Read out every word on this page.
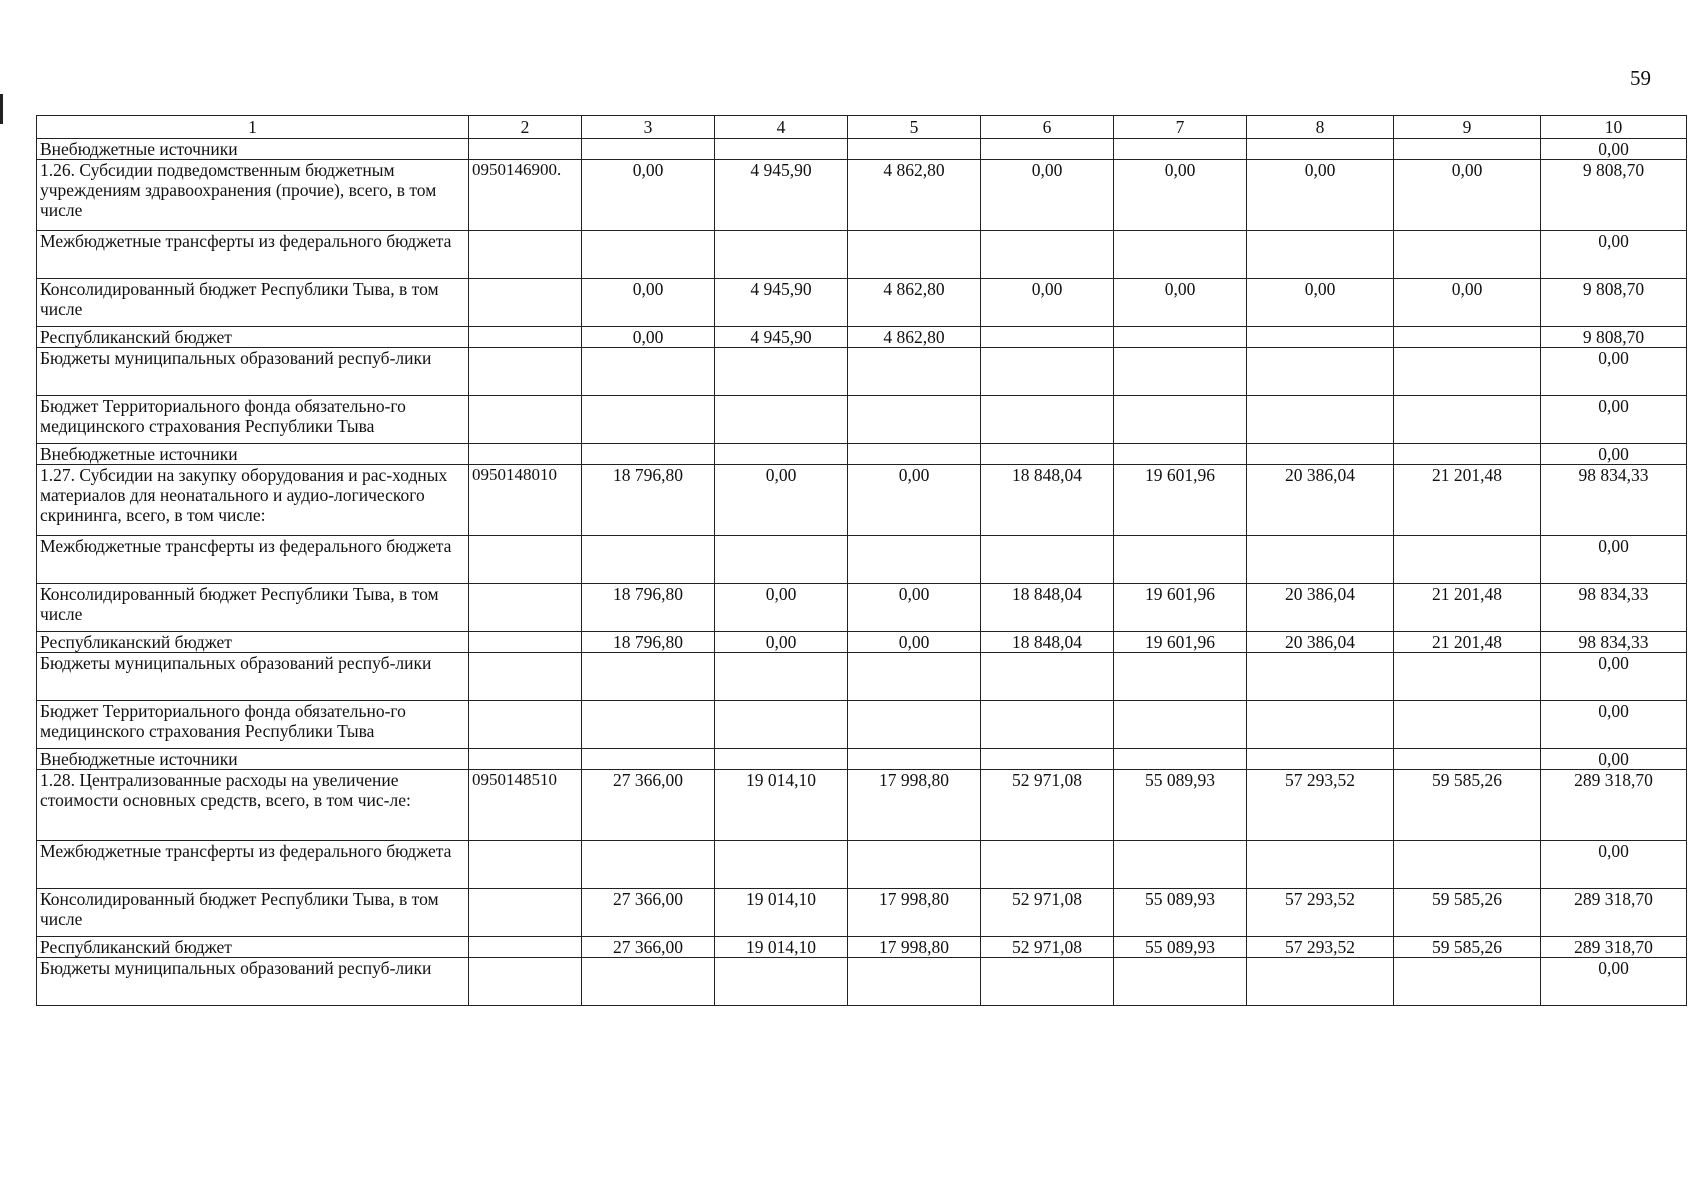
59
1	2	3	4	5	6	7	8	9	10
Внебюджетные источники									0,00
1.26. Субсидии подведомственным бюджетным учреждениям здравоохранения (прочие), всего, в том числе	0950146900.	0,00	4 945,90	4 862,80	0,00	0,00	0,00	0,00	9 808,70
Межбюджетные трансферты из федерального бюджета									0,00
Консолидированный бюджет Республики Тыва, в том числе		0,00	4 945,90	4 862,80	0,00	0,00	0,00	0,00	9 808,70
Республиканский бюджет		0,00	4 945,90	4 862,80					9 808,70
Бюджеты муниципальных образований респуб-лики									0,00
Бюджет Территориального фонда обязательно-го медицинского страхования Республики Тыва									0,00
Внебюджетные источники									0,00
1.27. Субсидии на закупку оборудования и рас-ходных материалов для неонатального и аудио-логического скрининга, всего, в том числе:	0950148010	18 796,80	0,00	0,00	18 848,04	19 601,96	20 386,04	21 201,48	98 834,33
Межбюджетные трансферты из федерального бюджета									0,00
Консолидированный бюджет Республики Тыва, в том числе		18 796,80	0,00	0,00	18 848,04	19 601,96	20 386,04	21 201,48	98 834,33
Республиканский бюджет		18 796,80	0,00	0,00	18 848,04	19 601,96	20 386,04	21 201,48	98 834,33
Бюджеты муниципальных образований респуб-лики									0,00
Бюджет Территориального фонда обязательно-го медицинского страхования Республики Тыва									0,00
Внебюджетные источники									0,00
1.28. Централизованные расходы на увеличение стоимости основных средств, всего, в том чис-ле:	0950148510	27 366,00	19 014,10	17 998,80	52 971,08	55 089,93	57 293,52	59 585,26	289 318,70
Межбюджетные трансферты из федерального бюджета									0,00
Консолидированный бюджет Республики Тыва, в том числе		27 366,00	19 014,10	17 998,80	52 971,08	55 089,93	57 293,52	59 585,26	289 318,70
Республиканский бюджет		27 366,00	19 014,10	17 998,80	52 971,08	55 089,93	57 293,52	59 585,26	289 318,70
Бюджеты муниципальных образований респуб-лики									0,00
